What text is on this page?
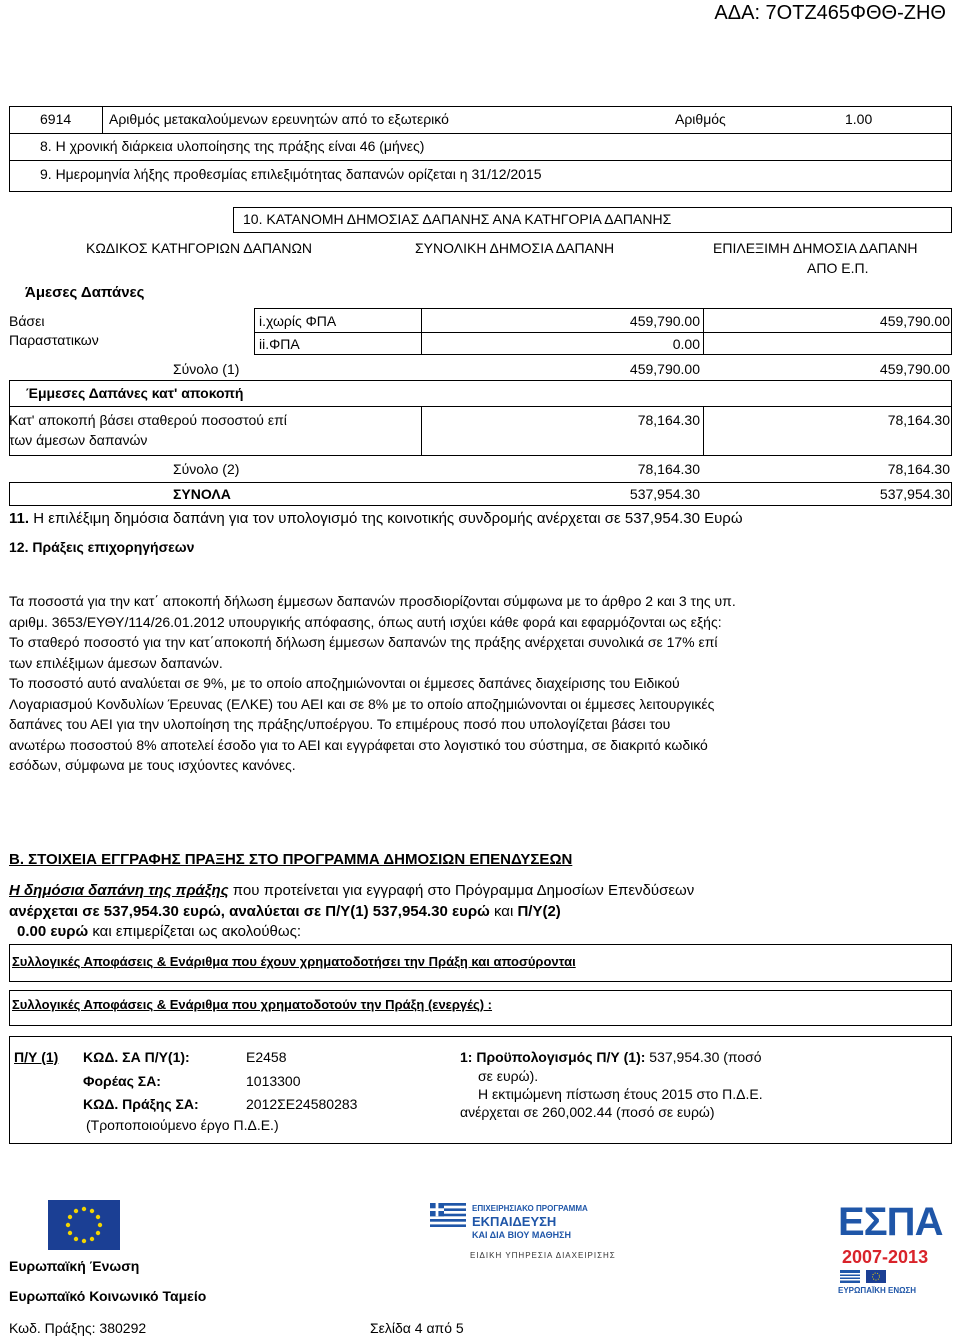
ΑΔΑ: 7ΟΤΖ465ΦΘΘ-ΖΗΘ
6914	Αριθμός μετακαλούμενων ερευνητών από το εξωτερικό	Αριθμός	1.00
8. Η χρονική διάρκεια υλοποίησης της πράξης είναι 46 (μήνες)
9. Ημερομηνία λήξης προθεσμίας επιλεξιμότητας δαπανών ορίζεται η 31/12/2015
10. ΚΑΤΑΝΟΜΗ ΔΗΜΟΣΙΑΣ ΔΑΠΑΝΗΣ ΑΝΑ ΚΑΤΗΓΟΡΙΑ ΔΑΠΑΝΗΣ
ΚΩΔΙΚΟΣ ΚΑΤΗΓΟΡΙΩΝ ΔΑΠΑΝΩΝ	ΣΥΝΟΛΙΚΗ ΔΗΜΟΣΙΑ ΔΑΠΑΝΗ	ΕΠΙΛΕΞΙΜΗ ΔΗΜΟΣΙΑ ΔΑΠΑΝΗ
ΑΠΟ Ε.Π.
Άμεσες Δαπάνες
Βάσει
Παραστατικων
i.χωρίς ΦΠΑ	459,790.00	459,790.00
ii.ΦΠΑ	0.00
Σύνολο (1)	459,790.00	459,790.00
Έμμεσες Δαπάνες κατ' αποκοπή
Κατ' αποκοπή βάσει σταθερού ποσοστού επί
των άμεσων δαπανών
78,164.30	78,164.30
Σύνολο (2)	78,164.30	78,164.30
ΣΥΝΟΛΑ	537,954.30	537,954.30
11. Η επιλέξιμη δημόσια δαπάνη για τον υπολογισμό της κοινοτικής συνδρομής ανέρχεται σε 537,954.30 Ευρώ
12. Πράξεις επιχορηγήσεων
Τα ποσοστά για την κατ΄ αποκοπή δήλωση έμμεσων δαπανών προσδιορίζονται σύμφωνα με το άρθρο 2 και 3 της υπ.
αριθμ. 3653/ΕΥΘΥ/114/26.01.2012 υπουργικής απόφασης, όπως αυτή ισχύει κάθε φορά και εφαρμόζονται ως εξής:
Το σταθερό ποσοστό για την κατ΄αποκοπή δήλωση έμμεσων δαπανών της πράξης ανέρχεται συνολικά σε 17% επί
των επιλέξιμων άμεσων δαπανών.
Το ποσοστό αυτό αναλύεται σε 9%, με το οποίο αποζημιώνονται οι έμμεσες δαπάνες διαχείρισης του Ειδικού
Λογαριασμού Κονδυλίων Έρευνας (ΕΛΚΕ) του ΑΕΙ και σε 8% με το οποίο αποζημιώνονται οι έμμεσες λειτουργικές
δαπάνες του ΑΕΙ για την υλοποίηση της πράξης/υποέργου. Το επιμέρους ποσό που υπολογίζεται βάσει του
ανωτέρω ποσοστού 8% αποτελεί έσοδο για το ΑΕΙ και εγγράφεται στο λογιστικό του σύστημα, σε διακριτό κωδικό
εσόδων, σύμφωνα με τους ισχύοντες κανόνες.
Β. ΣΤΟΙΧΕΙΑ ΕΓΓΡΑΦΗΣ ΠΡΑΞΗΣ ΣΤΟ ΠΡΟΓΡΑΜΜΑ ΔΗΜΟΣΙΩΝ ΕΠΕΝΔΥΣΕΩΝ
Η δημόσια δαπάνη της πράξης που προτείνεται για εγγραφή στο Πρόγραμμα Δημοσίων Επενδύσεων
ανέρχεται σε 537,954.30 ευρώ, αναλύεται σε Π/Υ(1) 537,954.30 ευρώ και Π/Υ(2)
0.00 ευρώ και επιμερίζεται ως ακολούθως:
Συλλογικές Αποφάσεις & Ενάριθμα που έχουν χρηματοδοτήσει την Πράξη και αποσύρονται
Συλλογικές Αποφάσεις & Ενάριθμα που χρηματοδοτούν την Πράξη (ενεργές) :
Π/Υ (1) ΚΩΔ. ΣΑ Π/Υ(1):	Ε2458
Φορέας ΣΑ:	1013300
ΚΩΔ. Πράξης ΣΑ:	2012ΣΕ24580283
(Τροποποιούμενο έργο Π.Δ.Ε.)
1: Προϋπολογισμός Π/Υ (1): 537,954.30 (ποσό
σε ευρώ).
Η εκτιμώμενη πίστωση έτους 2015 στο Π.Δ.Ε.
ανέρχεται σε 260,002.44 (ποσό σε ευρώ)
Ευρωπαϊκή Ένωση
Ευρωπαϊκό Κοινωνικό Ταμείο
Κωδ. Πράξης: 380292	Σελίδα 4 από 5
ΕΠΙΧΕΙΡΗΣΙΑΚΟ ΠΡΟΓΡΑΜΜΑ
ΕΚΠΑΙΔΕΥΣΗ
ΚΑΙ ΔΙΑ ΒΙΟΥ ΜΑΘΗΣΗ
ΕΙΔΙΚΗ ΥΠΗΡΕΣΙΑ ΔΙΑΧΕΙΡΙΣΗΣ
ΕΣΠΑ
2007-2013
ΕΥΡΩΠΑΪΚΗ ΕΝΩΣΗ
